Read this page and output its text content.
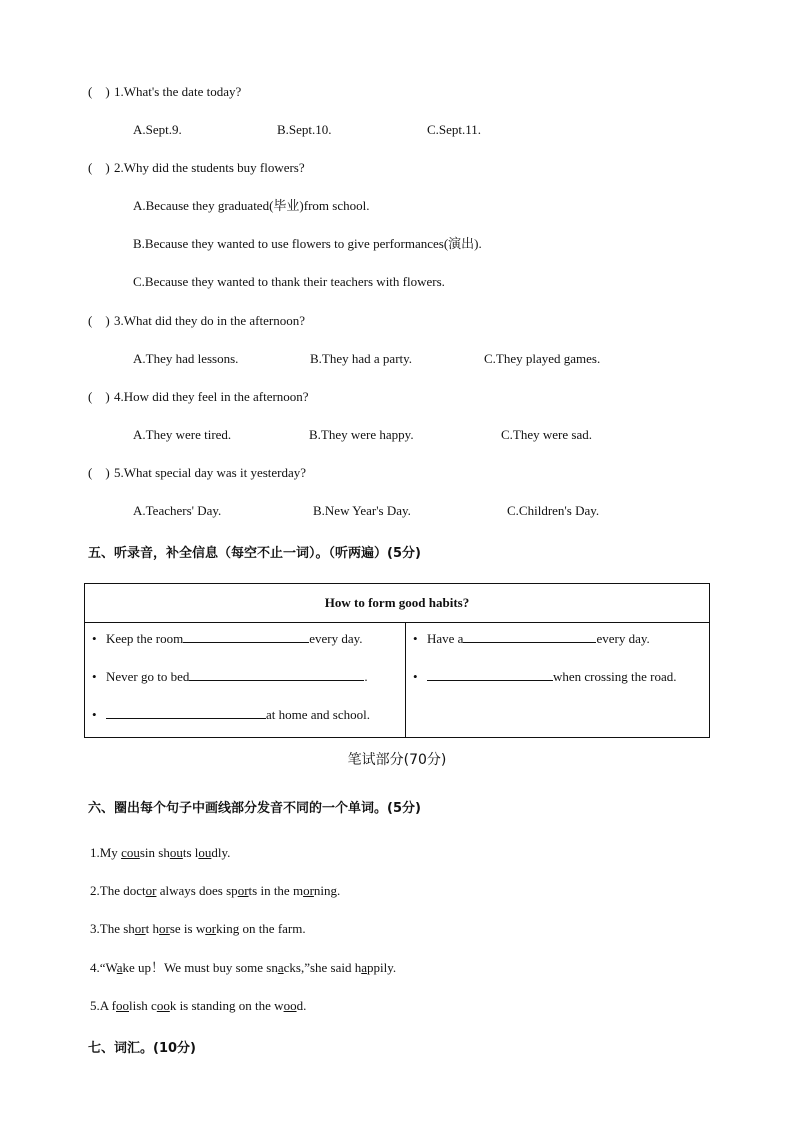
( ) 1.What's the date today?
A.Sept.9.	B.Sept.10.	C.Sept.11.
( ) 2.Why did the students buy flowers?
A.Because they graduated(毕业)from school.
B.Because they wanted to use flowers to give performances(演出).
C.Because they wanted to thank their teachers with flowers.
( ) 3.What did they do in the afternoon?
A.They had lessons.	B.They had a party.	C.They played games.
( ) 4.How did they feel in the afternoon?
A.They were tired.	B.They were happy.	C.They were sad.
( ) 5.What special day was it yesterday?
A.Teachers' Day.	B.New Year's Day.	C.Children's Day.
五、听录音，补全信息（每空不止一词）。（听两遍）(5分)
How to form good habits?

• Keep the room	every day.
• Never go to bed	.
•	at home and school.

• Have a	every day.
•	when crossing the road.
笔试部分(70分)
六、圈出每个句子中画线部分发音不同的一个单词。(5分)
1.My cousin shouts loudly.
2.The doctor always does sports in the morning.
3.The short horse is working on the farm.
4.“Wake up！We must buy some snacks,”she said happily.
5.A foolish cook is standing on the wood.
七、词汇。(10分)
